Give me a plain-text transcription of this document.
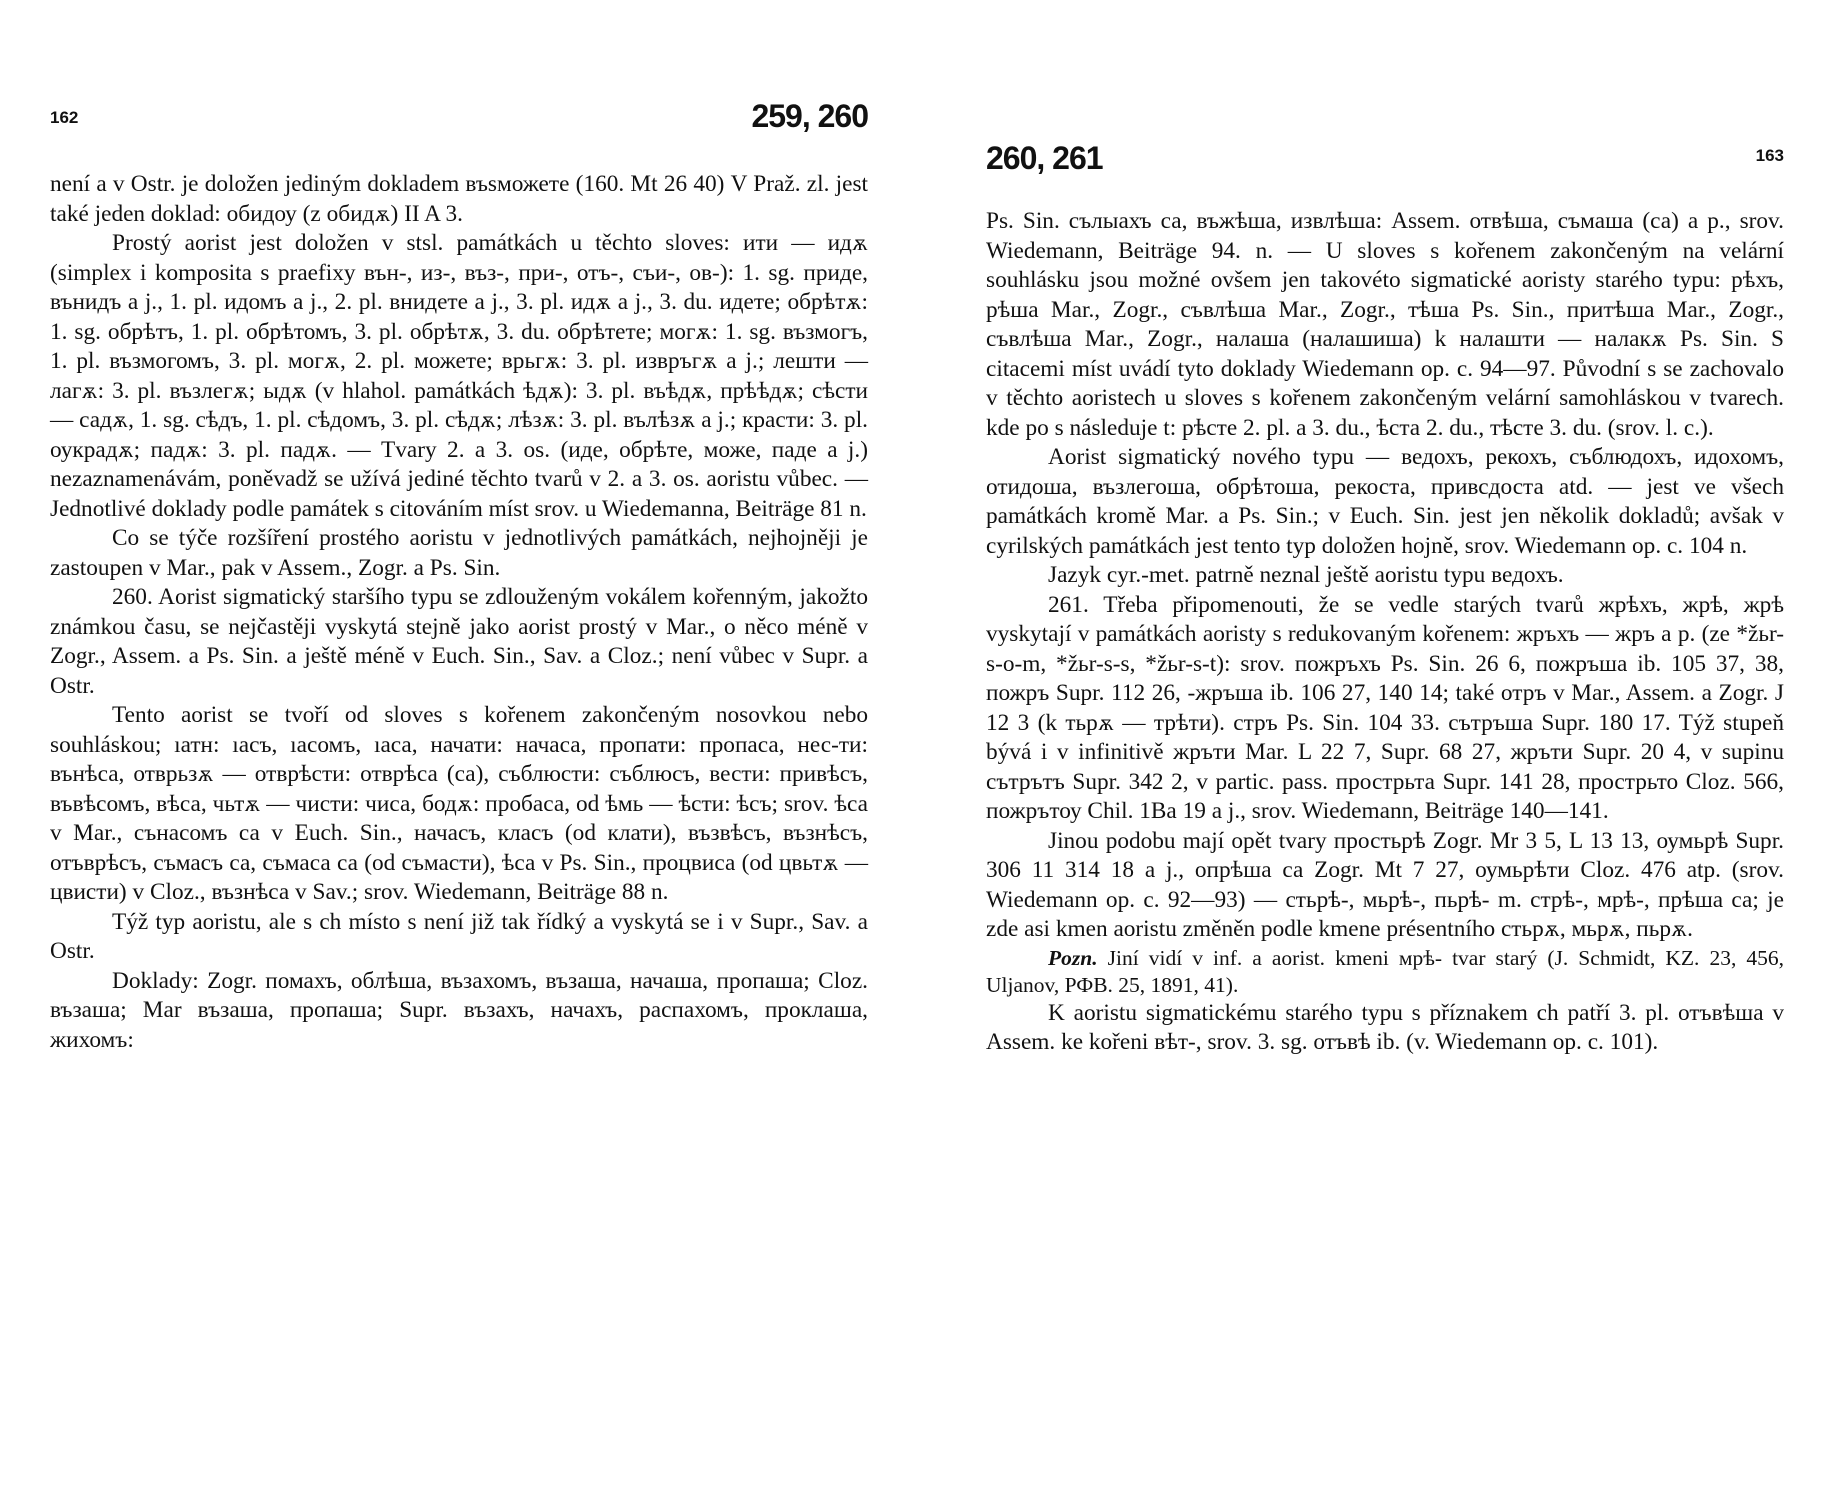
162	259, 260

není a v Ostr. je doložen jediným dokladem въsможете (160. Mt 26 40) V Praž. zl. jest také jeden doklad: обидоу (z обидѫ) II A 3.

Prostý aorist jest doložen v stsl. památkách u těchto sloves: ити — идѫ (simplex i komposita s praefixy вън-, из-, въз-, при-, отъ-, съи-, ов-): 1. sg. приде, вънидъ a j., 1. pl. идомъ a j., 2. pl. внидете a j., 3. pl. идѫ a j., 3. du. идете; обрѣтѫ: 1. sg. обрѣтъ, 1. pl. обрѣтомъ, 3. pl. обрѣтѫ, 3. du. обрѣтете; могѫ: 1. sg. възмогъ, 1. pl. възмогомъ, 3. pl. могѫ, 2. pl. можете; врьгѫ: 3. pl. извръгѫ a j.; лешти — лагѫ: 3. pl. възлегѫ; ыдѫ (v hlahol. památkách ѣдѫ): 3. pl. въѣдѫ, прѣѣдѫ; сѣсти — садѫ, 1. sg. сѣдъ, 1. pl. сѣдомъ, 3. pl. сѣдѫ; лѣзѫ: 3. pl. вълѣзѫ a j.; красти: 3. pl. оукрадѫ; падѫ: 3. pl. падѫ. — Tvary 2. a 3. os. (иде, обрѣте, може, паде a j.) nezaznamenávám, poněvadž se užívá jediné těchto tvarů v 2. a 3. os. aoristu vůbec. — Jednotlivé doklady podle památek s citováním míst srov. u Wiedemanna, Beiträge 81 n.

Co se týče rozšíření prostého aoristu v jednotlivých památkách, nejhojněji je zastoupen v Mar., pak v Assem., Zogr. a Ps. Sin.

260. Aorist sigmatický staršího typu se zdlouženým vokálem kořenným, jakožto známkou času, se nejčastěji vyskytá stejně jako aorist prostý v Mar., o něco méně v Zogr., Assem. a Ps. Sin. a ještě méně v Euch. Sin., Sav. a Cloz.; není vůbec v Supr. a Ostr.

Tento aorist se tvoří od sloves s kořenem zakončeným nosovkou nebo souhláskou; ıатн: ıасъ, ıасомъ, ıаса, начати: начаса, пропати: пропаса, нес-ти: вънѣса, отврьзѫ — отврѣсти: отврѣса (са), съблюсти: съблюсъ, вести: привѣсъ, въвѣсомъ, вѣса, чьтѫ — чисти: чиса, бодѫ: пробаса, od ѣмь — ѣсти: ѣсъ; srov. ѣса v Mar., сънасомъ са v Euch. Sin., начасъ, класъ (od клати), възвѣсъ, възнѣсъ, отъврѣсъ, съмасъ са, съмаса са (od съмасти), ѣса v Ps. Sin., процвиса (od цвьтѫ — цвисти) v Cloz., възнѣса v Sav.; srov. Wiedemann, Beiträge 88 n.

Týž typ aoristu, ale s ch místo s není již tak řídký a vyskytá se i v Supr., Sav. a Ostr.

Doklady: Zogr. помахъ, облѣша, възахомъ, възаша, начаша, пропаша; Cloz. възаша; Mar възаша, пропаша; Supr. възахъ, начахъ, распахомъ, проклаша, жихомъ:

260, 261	163

Ps. Sin. сълыахъ са, въжѣша, извлѣша: Assem. отвѣша, съмаша (са) a p., srov. Wiedemann, Beiträge 94. n. — U sloves s kořenem zakončeným na velární souhlásku jsou možné ovšem jen takovéto sigmatické aoristy starého typu: рѣхъ, рѣша Mar., Zogr., съвлѣша Mar., Zogr., тѣша Ps. Sin., притѣша Mar., Zogr., съвлѣша Mar., Zogr., налаша (налашиша) k налашти — налакѫ Ps. Sin. S citacemi míst uvádí tyto doklady Wiedemann op. c. 94—97. Původní s se zachovalo v těchto aoristech u sloves s kořenem zakončeným velární samohláskou v tvarech. kde po s následuje t: рѣсте 2. pl. a 3. du., ѣста 2. du., тѣсте 3. du. (srov. l. c.).

Aorist sigmatický nového typu — ведохъ, рекохъ, съблюдохъ, идохомъ, отидоша, възлегоша, обрѣтоша, рекоста, привсдоста atd. — jest ve všech památkách kromě Mar. a Ps. Sin.; v Euch. Sin. jest jen několik dokladů; avšak v cyrilských památkách jest tento typ doložen hojně, srov. Wiedemann op. c. 104 n.

Jazyk cyr.-met. patrně neznal ještě aoristu typu ведохъ.

261. Třeba připomenouti, že se vedle starých tvarů жрѣхъ, жрѣ, жрѣ vyskytají v památkách aoristy s redukovaným kořenem: жръхъ — жръ a p. (ze *žьr-s-o-m, *žьr-s-s, *žьr-s-t): srov. пожръхъ Ps. Sin. 26 6, пожръша ib. 105 37, 38, пожръ Supr. 112 26, -жръша ib. 106 27, 140 14; také отръ v Mar., Assem. a Zogr. J 12 3 (k тьрѫ — трѣти). стръ Ps. Sin. 104 33. сътръша Supr. 180 17. Týž stupeň bývá i v infinitivě жръти Mar. L 22 7, Supr. 68 27, жръти Supr. 20 4, v supinu сътрътъ Supr. 342 2, v partic. pass. прострьта Supr. 141 28, прострьто Cloz. 566, пожрътоу Chil. 1Ba 19 a j., srov. Wiedemann, Beiträge 140—141.

Jinou podobu mají opět tvary простьрѣ Zogr. Mr 3 5, L 13 13, оумьрѣ Supr. 306 11 314 18 a j., опрѣша са Zogr. Mt 7 27, оумьрѣти Cloz. 476 atp. (srov. Wiedemann op. c. 92—93) — стьрѣ-, мьрѣ-, пьрѣ- m. стрѣ-, мрѣ-, прѣша са; je zde asi kmen aoristu změněn podle kmene présentního стьрѫ, мьрѫ, пьрѫ.

Pozn. Jiní vidí v inf. a aorist. kmeni мрѣ- tvar starý (J. Schmidt, KZ. 23, 456, Uljanov, РФВ. 25, 1891, 41).

K aoristu sigmatickému starého typu s příznakem ch patří 3. pl. отъвѣша v Assem. ke kořeni вѣт-, srov. 3. sg. отъвѣ ib. (v. Wiedemann op. c. 101).
